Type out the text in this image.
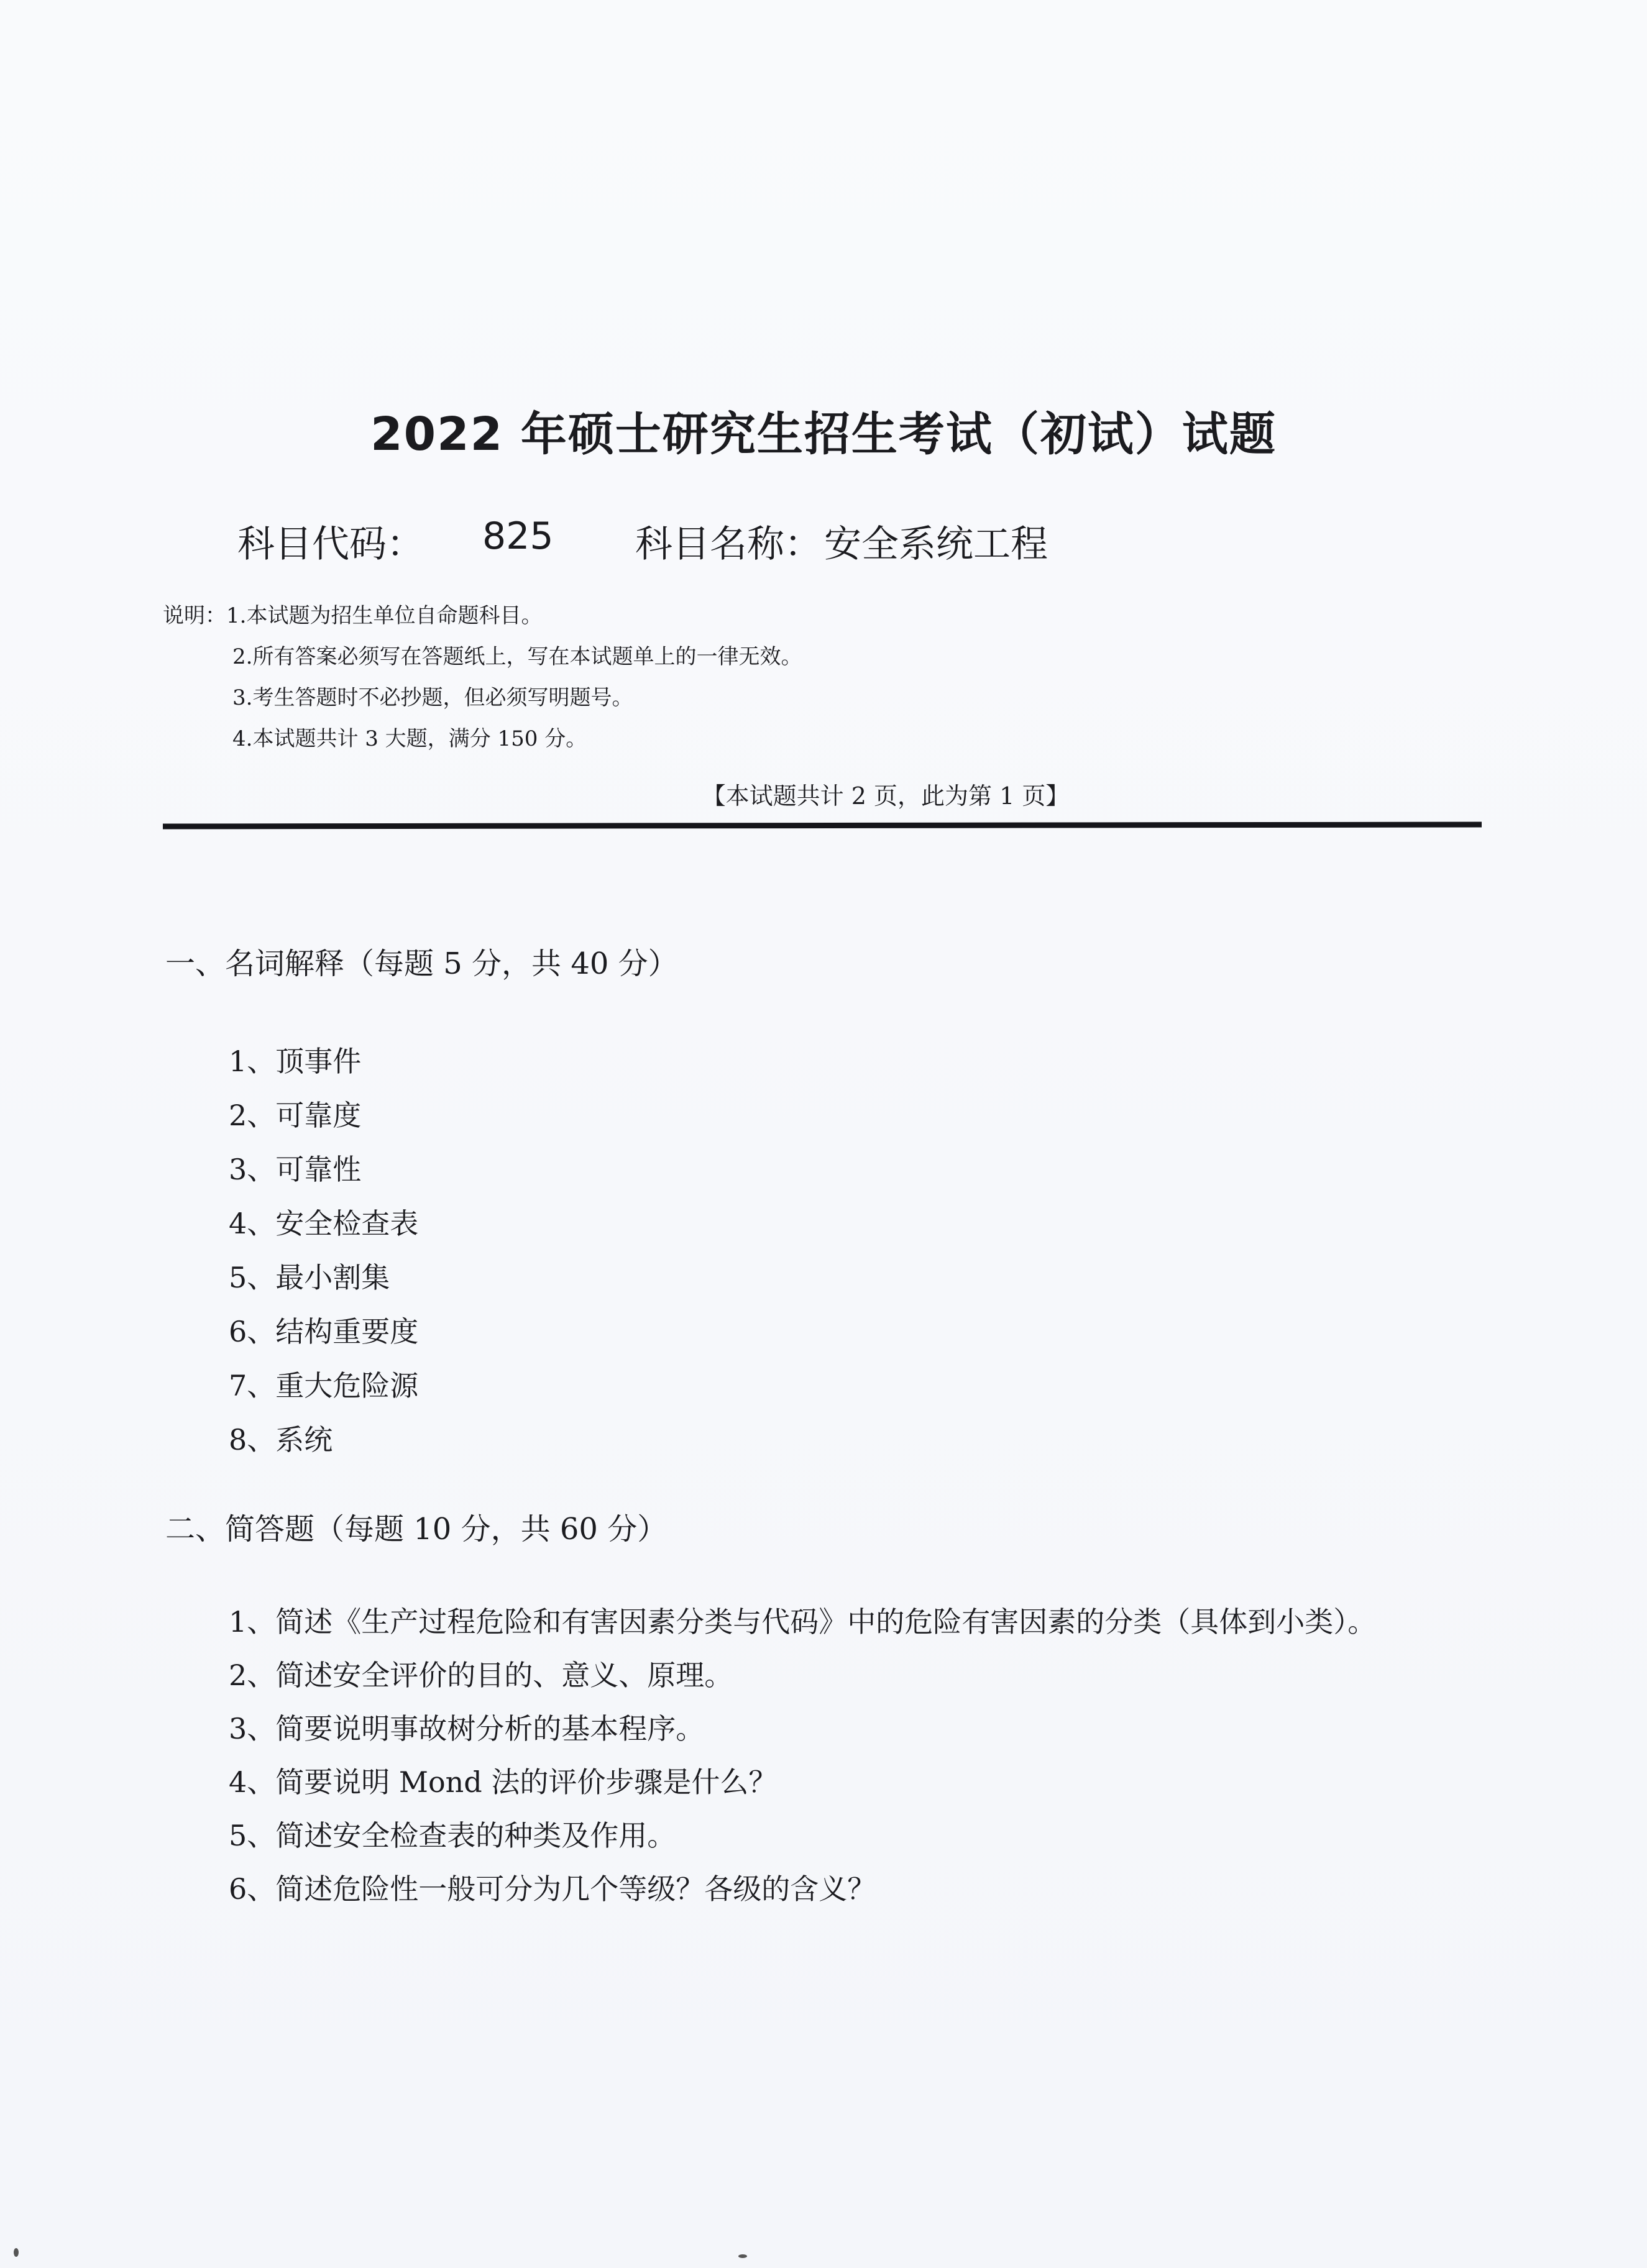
2022 年硕士研究生招生考试（初试）试题
科目代码： 825 科目名称： 安全系统工程
说明：1.本试题为招生单位自命题科目。
2.所有答案必须写在答题纸上，写在本试题单上的一律无效。
3.考生答题时不必抄题，但必须写明题号。
4.本试题共计 3 大题，满分 150 分。
【本试题共计 2 页，此为第 1 页】
一、名词解释（每题 5 分，共 40 分）
1、顶事件
2、可靠度
3、可靠性
4、安全检查表
5、最小割集
6、结构重要度
7、重大危险源
8、系统
二、简答题（每题 10 分，共 60 分）
1、简述《生产过程危险和有害因素分类与代码》中的危险有害因素的分类（具体到小类）。
2、简述安全评价的目的、意义、原理。
3、简要说明事故树分析的基本程序。
4、简要说明 Mond 法的评价步骤是什么？
5、简述安全检查表的种类及作用。
6、简述危险性一般可分为几个等级？各级的含义？
